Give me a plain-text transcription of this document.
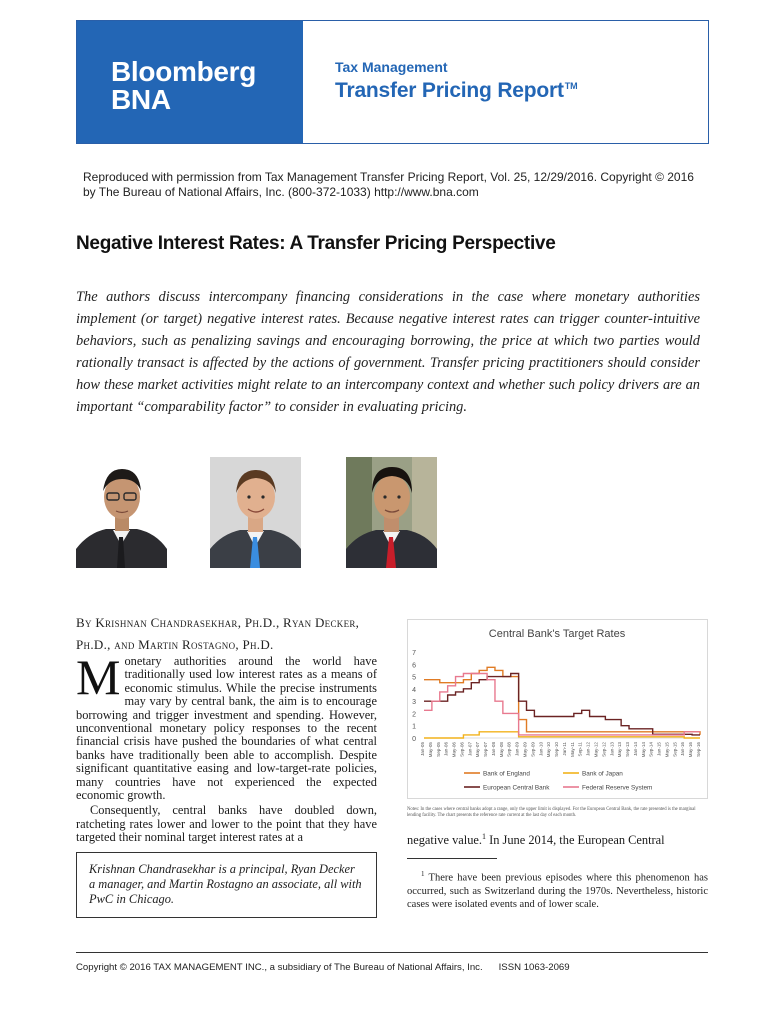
Bloomberg
BNA
Tax Management
Transfer Pricing Report™
Reproduced with permission from Tax Management Transfer Pricing Report, Vol. 25, 12/29/2016. Copyright © 2016 by The Bureau of National Affairs, Inc. (800-372-1033) http://www.bna.com
Negative Interest Rates: A Transfer Pricing Perspective
The authors discuss intercompany financing considerations in the case where monetary authorities implement (or target) negative interest rates. Because negative interest rates can trigger counter-intuitive behaviors, such as penalizing savings and encouraging borrowing, the price at which two parties would rationally transact is affected by the actions of government. Transfer pricing practitioners should consider how these market activities might relate to an intercompany context and whether such policy drivers are an important “comparability factor” to consider in evaluating pricing.
By Krishnan Chandrasekhar, Ph.D., Ryan Decker, Ph.D., and Martin Rostagno, Ph.D.

Monetary authorities around the world have traditionally used low interest rates as a means of economic stimulus. While the precise instruments may vary by central bank, the aim is to encourage borrowing and trigger investment and spending. However, unconventional monetary policy responses to the recent financial crisis have pushed the boundaries of what central banks have traditionally been able to accomplish. Despite significant quantitative easing and low-target-rate policies, many countries have not experienced the expected economic growth.

Consequently, central banks have doubled down, ratcheting rates lower and lower to the point that they have targeted their nominal target interest rates at a

Krishnan Chandrasekhar is a principal, Ryan Decker a manager, and Martin Rostagno an associate, all with PwC in Chicago.
Central Bank's Target Rates
0
1
2
3
4
5
6
7
Jan-05 May-05 Sep-05 Jan-06 May-06 Sep-06 Jan-07 May-07 Sep-07 Jan-08 May-08 Sep-08 Jan-09 May-09 Sep-09 Jan-10 May-10 Sep-10 Jan-11 May-11 Sep-11 Jan-12 May-12 Sep-12 Jan-13 May-13 Sep-13 Jan-14 May-14 Sep-14 Jan-15 May-15 Sep-15 Jan-16 May-16 Sep-16
Bank of England	Bank of Japan
European Central Bank	Federal Reserve System
Notes: In the cases where central banks adopt a range, only the upper limit is displayed. For the European Central Bank, the rate presented is the marginal lending facility. The chart presents the reference rate current at the last day of each month.
negative value.$^1$ In June 2014, the European Central
$^1$ There have been previous episodes where this phenomenon has occurred, such as Switzerland during the 1970s. Nevertheless, historic cases were isolated events and of lower scale.
Copyright © 2016 TAX MANAGEMENT INC., a subsidiary of The Bureau of National Affairs, Inc. ISSN 1063-2069
